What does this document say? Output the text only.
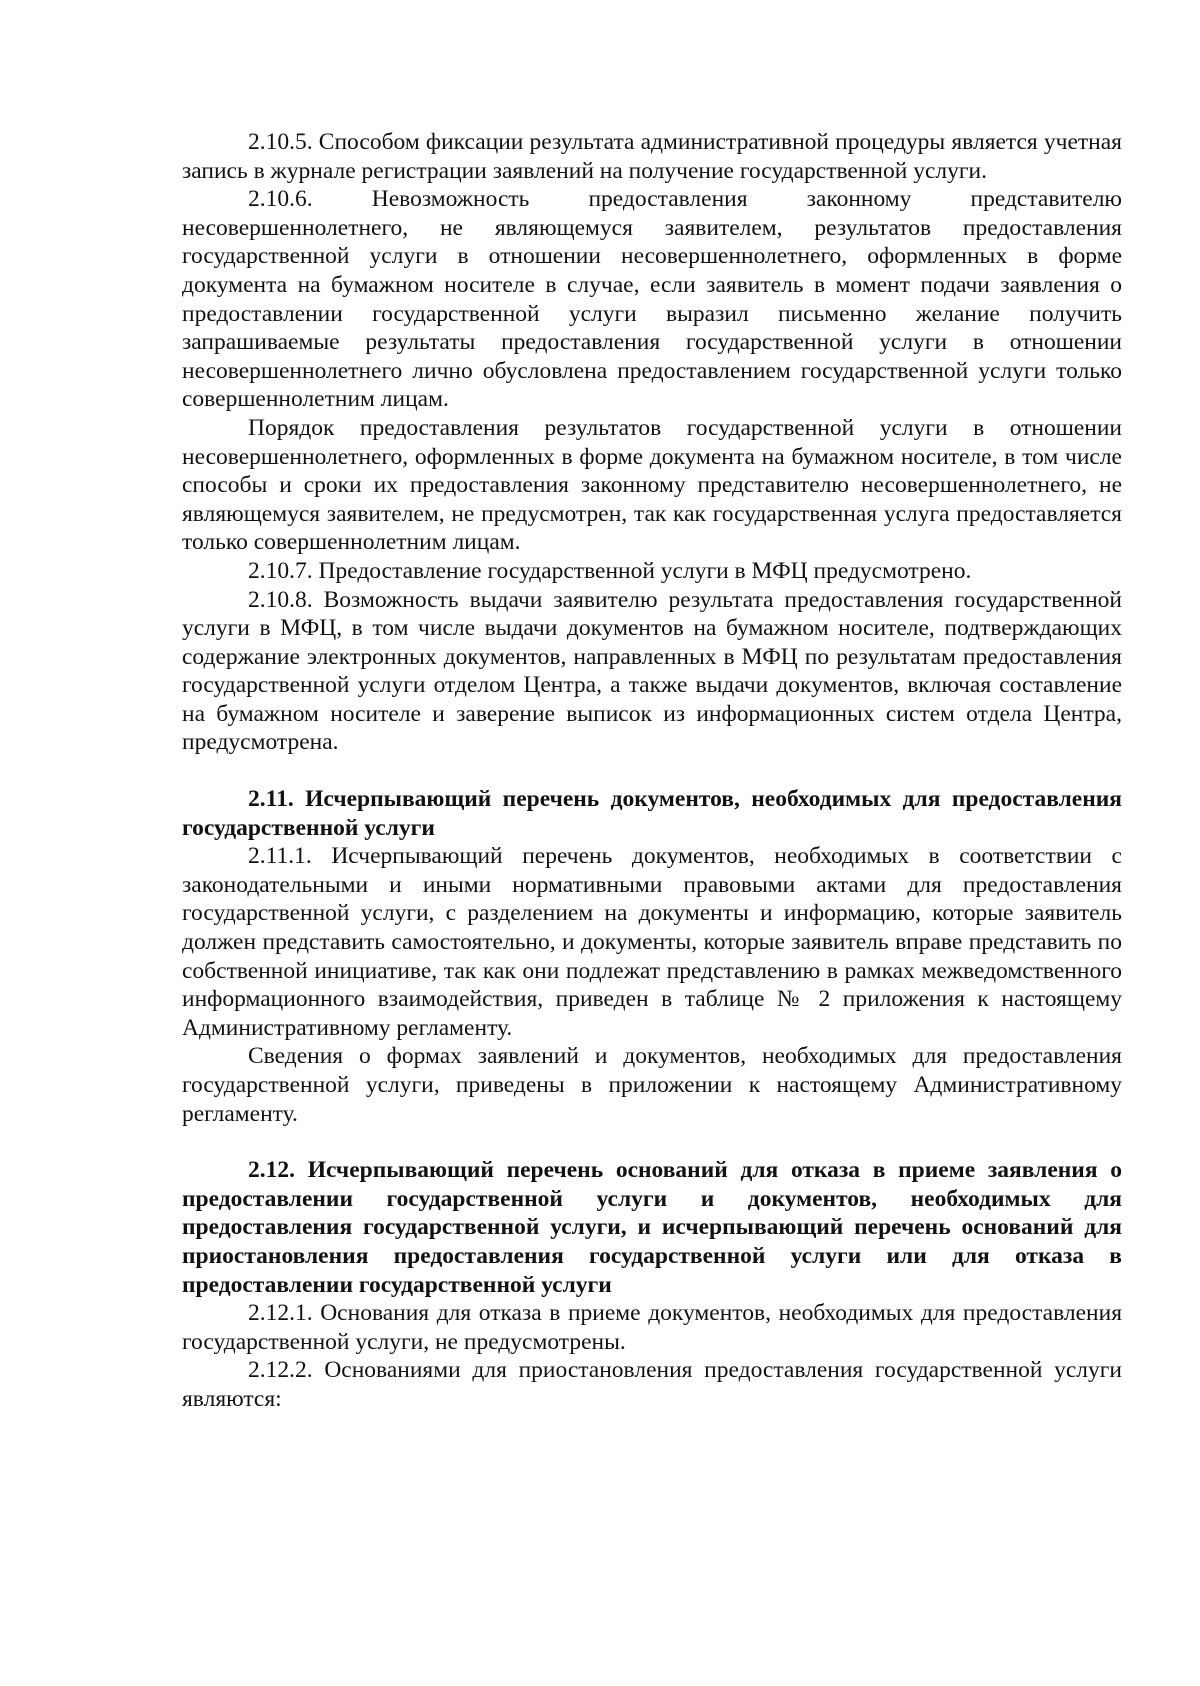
2.10.5. Способом фиксации результата административной процедуры является учетная запись в журнале регистрации заявлений на получение государственной услуги.

2.10.6. Невозможность предоставления законному представителю несовершеннолетнего, не являющемуся заявителем, результатов предоставления государственной услуги в отношении несовершеннолетнего, оформленных в форме документа на бумажном носителе в случае, если заявитель в момент подачи заявления о предоставлении государственной услуги выразил письменно желание получить запрашиваемые результаты предоставления государственной услуги в отношении несовершеннолетнего лично обусловлена предоставлением государственной услуги только совершеннолетним лицам.

Порядок предоставления результатов государственной услуги в отношении несовершеннолетнего, оформленных в форме документа на бумажном носителе, в том числе способы и сроки их предоставления законному представителю несовершеннолетнего, не являющемуся заявителем, не предусмотрен, так как государственная услуга предоставляется только совершеннолетним лицам.

2.10.7. Предоставление государственной услуги в МФЦ предусмотрено.

2.10.8. Возможность выдачи заявителю результата предоставления государственной услуги в МФЦ, в том числе выдачи документов на бумажном носителе, подтверждающих содержание электронных документов, направленных в МФЦ по результатам предоставления государственной услуги отделом Центра, а также выдачи документов, включая составление на бумажном носителе и заверение выписок из информационных систем отдела Центра, предусмотрена.

2.11. Исчерпывающий перечень документов, необходимых для предоставления государственной услуги

2.11.1. Исчерпывающий перечень документов, необходимых в соответствии с законодательными и иными нормативными правовыми актами для предоставления государственной услуги, с разделением на документы и информацию, которые заявитель должен представить самостоятельно, и документы, которые заявитель вправе представить по собственной инициативе, так как они подлежат представлению в рамках межведомственного информационного взаимодействия, приведен в таблице № 2 приложения к настоящему Административному регламенту.

Сведения о формах заявлений и документов, необходимых для предоставления государственной услуги, приведены в приложении к настоящему Административному регламенту.

2.12. Исчерпывающий перечень оснований для отказа в приеме заявления о предоставлении государственной услуги и документов, необходимых для предоставления государственной услуги, и исчерпывающий перечень оснований для приостановления предоставления государственной услуги или для отказа в предоставлении государственной услуги

2.12.1. Основания для отказа в приеме документов, необходимых для предоставления государственной услуги, не предусмотрены.

2.12.2. Основаниями для приостановления предоставления государственной услуги являются:
